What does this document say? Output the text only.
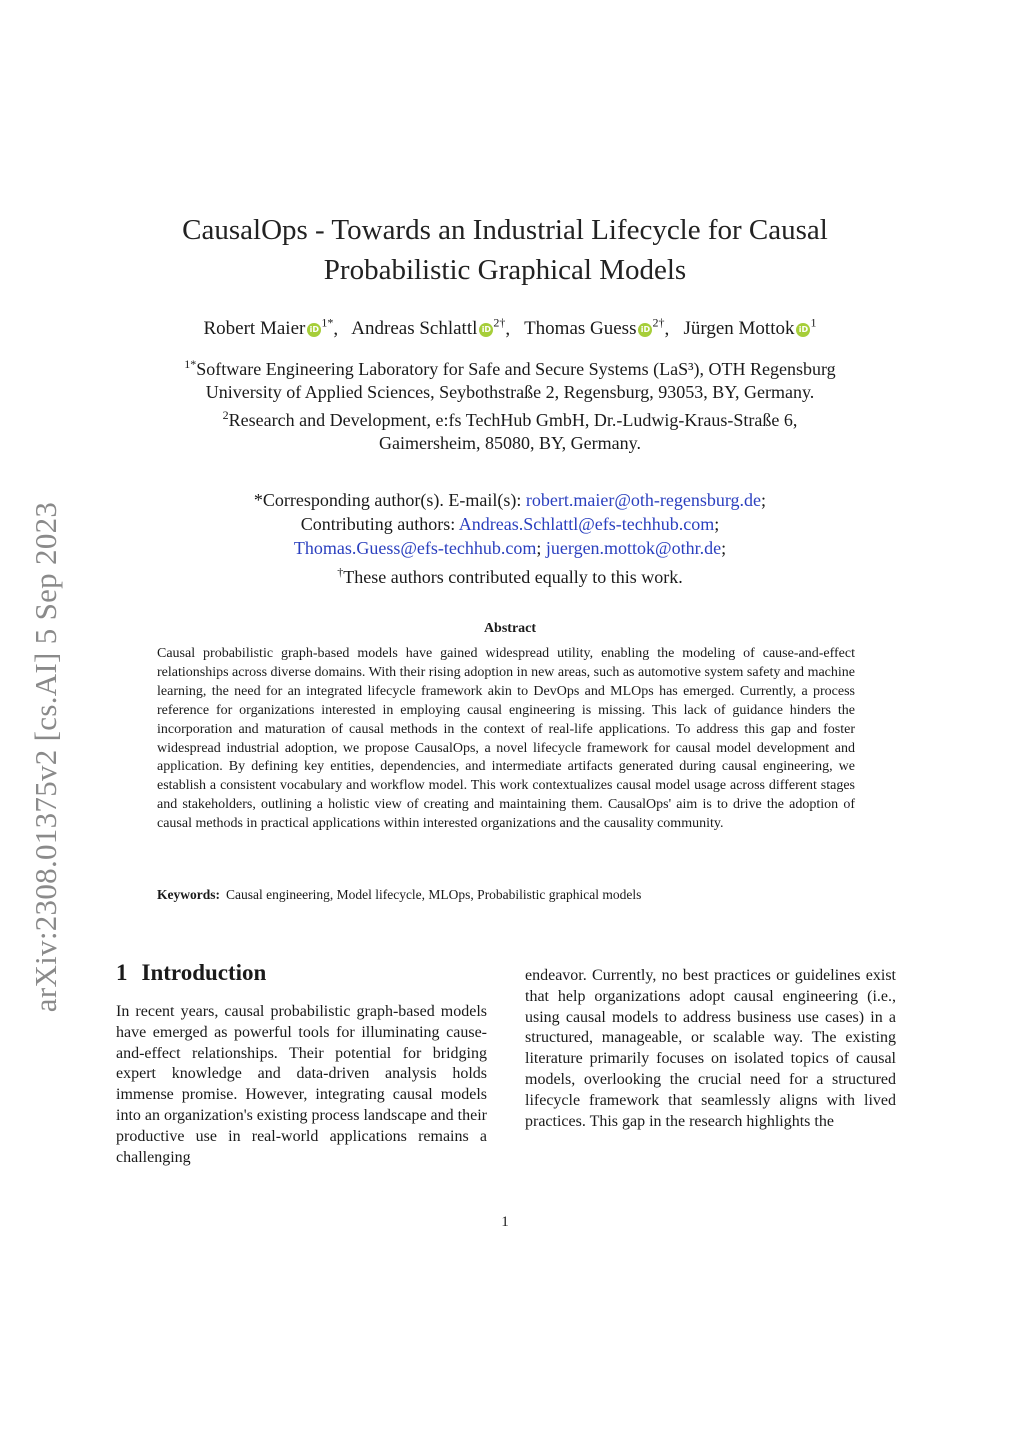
arXiv:2308.01375v2 [cs.AI] 5 Sep 2023
CausalOps - Towards an Industrial Lifecycle for Causal
Probabilistic Graphical Models
Robert Maier iD $^{1*}$,   Andreas Schlattl iD $^{2\dagger}$,   Thomas Guess iD $^{2\dagger}$,   Jürgen Mottok iD $^1$
$^{1*}$Software Engineering Laboratory for Safe and Secure Systems (LaS³), OTH Regensburg
University of Applied Sciences, Seybothstraße 2, Regensburg, 93053, BY, Germany.
$^2$Research and Development, e:fs TechHub GmbH, Dr.-Ludwig-Kraus-Straße 6,
Gaimersheim, 85080, BY, Germany.
*Corresponding author(s). E-mail(s): robert.maier@oth-regensburg.de;
Contributing authors: Andreas.Schlattl@efs-techhub.com;
Thomas.Guess@efs-techhub.com; juergen.mottok@othr.de;
†These authors contributed equally to this work.
Abstract
Causal probabilistic graph-based models have gained widespread utility, enabling the modeling of cause-and-effect relationships across diverse domains. With their rising adoption in new areas, such as automotive system safety and machine learning, the need for an integrated lifecycle framework akin to DevOps and MLOps has emerged. Currently, a process reference for organizations interested in employing causal engineering is missing. This lack of guidance hinders the incorporation and maturation of causal methods in the context of real-life applications. To address this gap and foster widespread industrial adoption, we propose CausalOps, a novel lifecycle framework for causal model development and application. By defining key entities, dependencies, and intermediate artifacts generated during causal engineering, we establish a consistent vocabulary and workflow model. This work contextualizes causal model usage across different stages and stakeholders, outlining a holistic view of creating and maintaining them. CausalOps' aim is to drive the adoption of causal methods in practical applications within interested organizations and the causality community.
Keywords: Causal engineering, Model lifecycle, MLOps, Probabilistic graphical models
1 Introduction
In recent years, causal probabilistic graph-based models have emerged as powerful tools for illuminating cause-and-effect relationships. Their potential for bridging expert knowledge and data-driven analysis holds immense promise. However, integrating causal models into an organization's existing process landscape and their productive use in real-world applications remains a challenging
endeavor. Currently, no best practices or guidelines exist that help organizations adopt causal engineering (i.e., using causal models to address business use cases) in a structured, manageable, or scalable way. The existing literature primarily focuses on isolated topics of causal models, overlooking the crucial need for a structured lifecycle framework that seamlessly aligns with lived practices. This gap in the research highlights the
1
